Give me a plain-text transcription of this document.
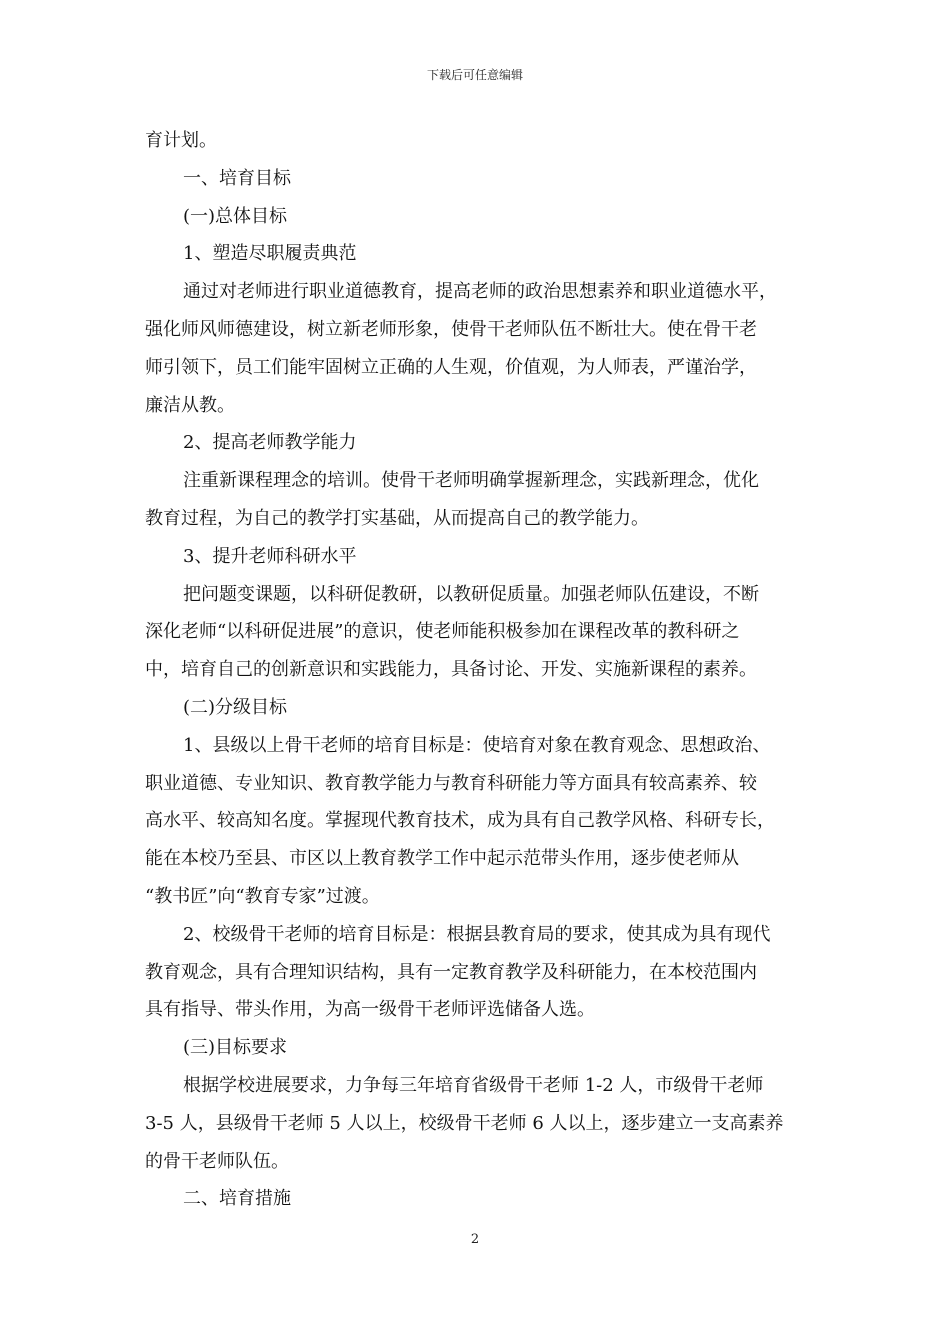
下载后可任意编辑

育计划。

一、培育目标

(一)总体目标

1、塑造尽职履责典范

通过对老师进行职业道德教育，提高老师的政治思想素养和职业道德水平，

强化师风师德建设，树立新老师形象，使骨干老师队伍不断壮大。使在骨干老

师引领下，员工们能牢固树立正确的人生观，价值观，为人师表，严谨治学，

廉洁从教。

2、提高老师教学能力

注重新课程理念的培训。使骨干老师明确掌握新理念，实践新理念，优化

教育过程，为自己的教学打实基础，从而提高自己的教学能力。

3、提升老师科研水平

把问题变课题，以科研促教研，以教研促质量。加强老师队伍建设，不断

深化老师“以科研促进展”的意识，使老师能积极参加在课程改革的教科研之

中，培育自己的创新意识和实践能力，具备讨论、开发、实施新课程的素养。

(二)分级目标

1、县级以上骨干老师的培育目标是：使培育对象在教育观念、思想政治、

职业道德、专业知识、教育教学能力与教育科研能力等方面具有较高素养、较

高水平、较高知名度。掌握现代教育技术，成为具有自己教学风格、科研专长，

能在本校乃至县、市区以上教育教学工作中起示范带头作用，逐步使老师从

“教书匠”向“教育专家”过渡。

2、校级骨干老师的培育目标是：根据县教育局的要求，使其成为具有现代

教育观念，具有合理知识结构，具有一定教育教学及科研能力，在本校范围内

具有指导、带头作用，为高一级骨干老师评选储备人选。

(三)目标要求

根据学校进展要求，力争每三年培育省级骨干老师 1-2 人，市级骨干老师

3-5 人，县级骨干老师 5 人以上，校级骨干老师 6 人以上，逐步建立一支高素养

的骨干老师队伍。

二、培育措施

2
